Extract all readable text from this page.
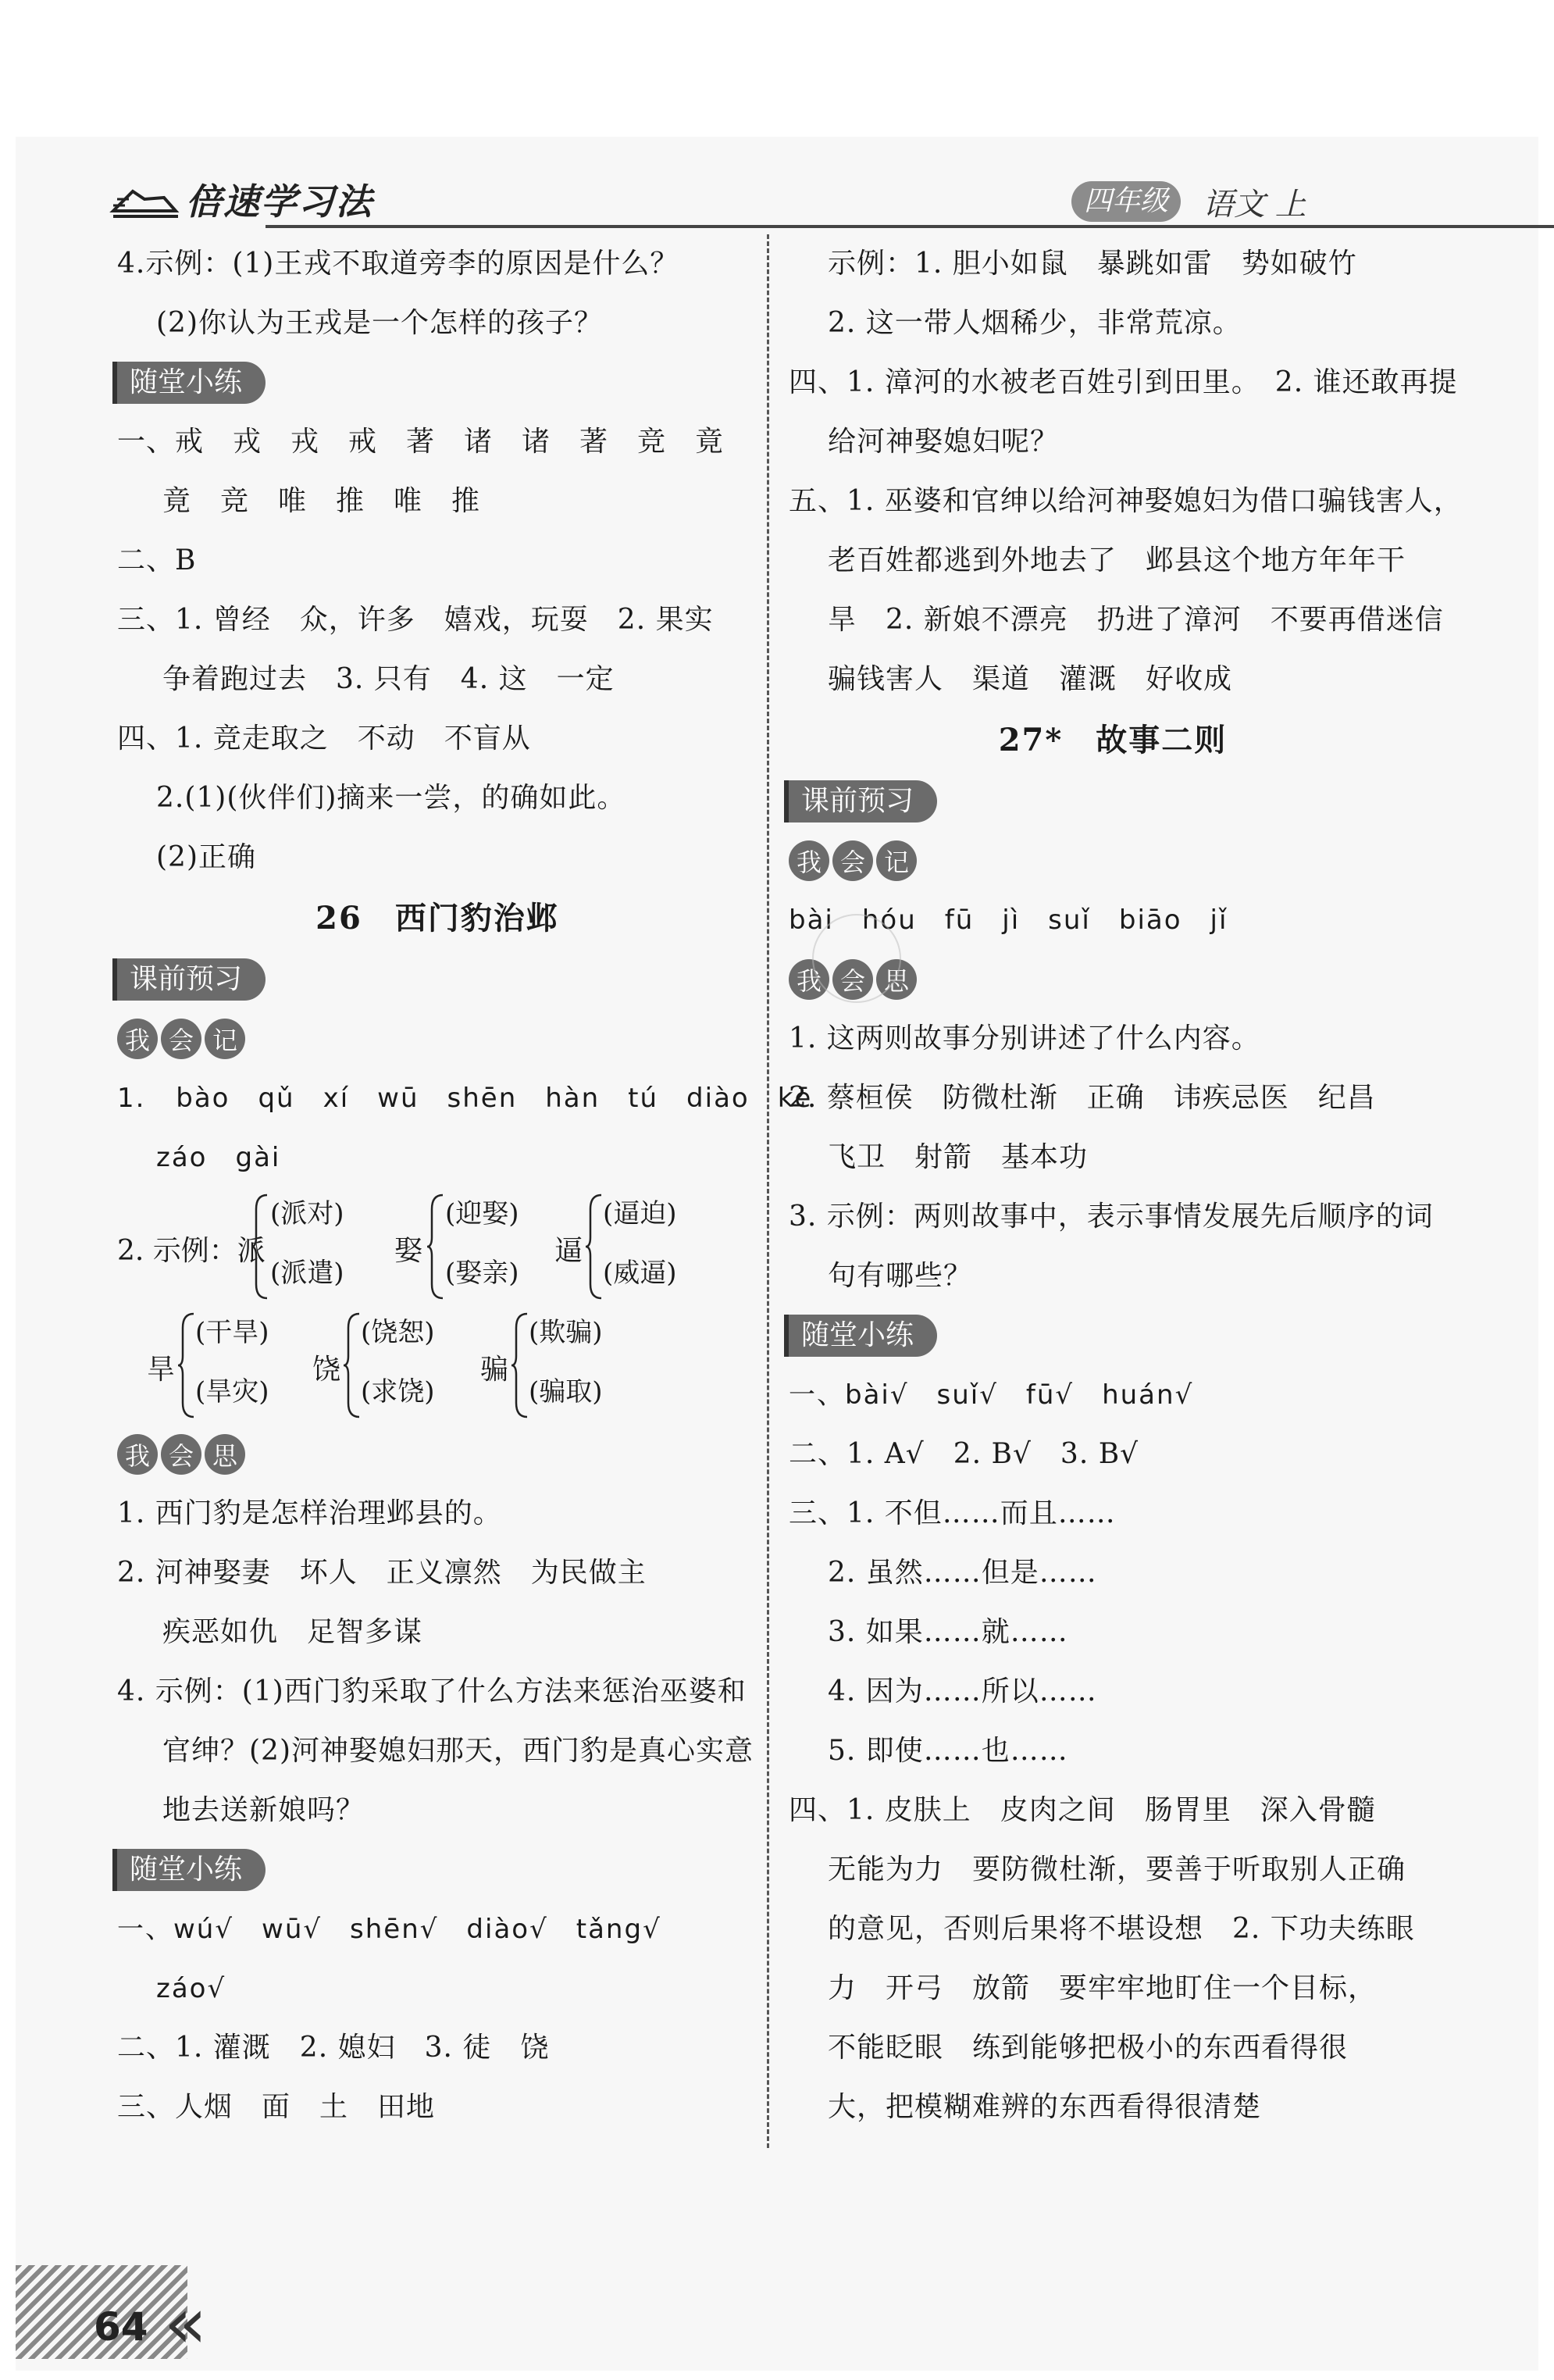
倍速学习法	四年级	语文 上
4.示例：(1)王戎不取道旁李的原因是什么？
(2)你认为王戎是一个怎样的孩子？
随堂小练
一、戒　戎　戎　戒　著　诸　诸　著　竞　竟
竟　竞　唯　推　唯　推
二、B
三、1. 曾经　众，许多　嬉戏，玩耍　2. 果实
争着跑过去　3. 只有　4. 这　一定
四、1. 竞走取之　不动　不盲从
2.(1)(伙伴们)摘来一尝，的确如此。
(2)正确
26　西门豹治邺
课前预习
我 会 记
1. bào　qǔ　xí　wū　shēn　hàn　tú　diào　kē
záo　gài
2. 示例：派
(派对)
(派遣)
娶
(迎娶)
(娶亲)
逼
(逼迫)
(威逼)
旱
(干旱)
(旱灾)
饶
(饶恕)
(求饶)
骗
(欺骗)
(骗取)
我 会 思
1. 西门豹是怎样治理邺县的。
2. 河神娶妻　坏人　正义凛然　为民做主
疾恶如仇　足智多谋
4. 示例：(1)西门豹采取了什么方法来惩治巫婆和
官绅？(2)河神娶媳妇那天，西门豹是真心实意
地去送新娘吗？
随堂小练
一、wú√　wū√　shēn√　diào√　tǎng√
záo√
二、1. 灌溉　2. 媳妇　3. 徒　饶
三、人烟　面　土　田地
示例：1. 胆小如鼠　暴跳如雷　势如破竹
2. 这一带人烟稀少，非常荒凉。
四、1. 漳河的水被老百姓引到田里。　2. 谁还敢再提
给河神娶媳妇呢？
五、1. 巫婆和官绅以给河神娶媳妇为借口骗钱害人，
老百姓都逃到外地去了　邺县这个地方年年干
旱　2. 新娘不漂亮　扔进了漳河　不要再借迷信
骗钱害人　渠道　灌溉　好收成
27*　故事二则
课前预习
我 会 记
bài　hóu　fū　jì　suǐ　biāo　jǐ
我 会 思
1. 这两则故事分别讲述了什么内容。
2. 蔡桓侯　防微杜渐　正确　讳疾忌医　纪昌
飞卫　射箭　基本功
3. 示例：两则故事中，表示事情发展先后顺序的词
句有哪些？
随堂小练
一、bài√　suǐ√　fū√　huán√
二、1. A√　2. B√　3. B√
三、1. 不但……而且……
2. 虽然……但是……
3. 如果……就……
4. 因为……所以……
5. 即使……也……
四、1. 皮肤上　皮肉之间　肠胃里　深入骨髓
无能为力　要防微杜渐，要善于听取别人正确
的意见，否则后果将不堪设想　2. 下功夫练眼
力　开弓　放箭　要牢牢地盯住一个目标，
不能眨眼　练到能够把极小的东西看得很
大，把模糊难辨的东西看得很清楚
64 «
